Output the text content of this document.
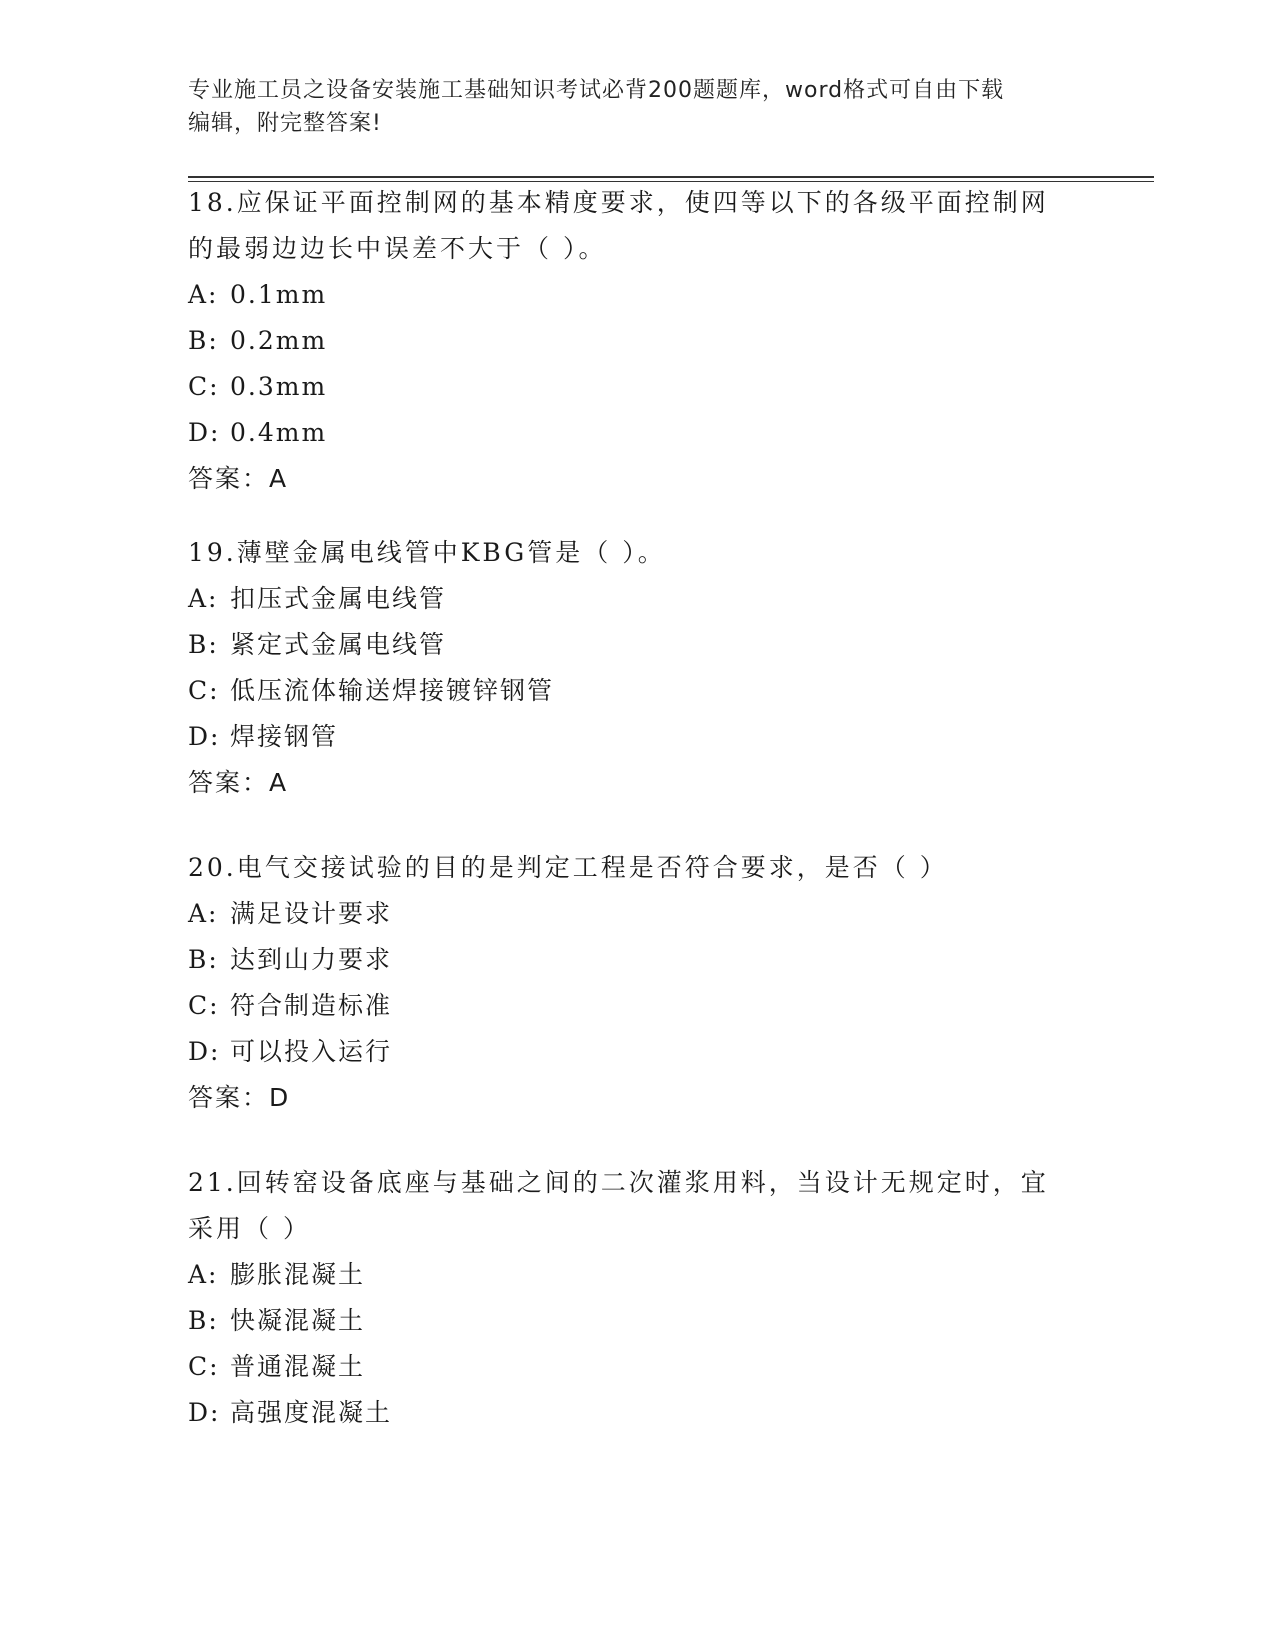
专业施工员之设备安装施工基础知识考试必背200题题库，word格式可自由下载
编辑，附完整答案!

18.应保证平面控制网的基本精度要求，使四等以下的各级平面控制网

的最弱边边长中误差不大于（ ）。

A: 0.1mm

B: 0.2mm

C: 0.3mm

D: 0.4mm

答案：A

19.薄壁金属电线管中KBG管是（ ）。

A: 扣压式金属电线管

B: 紧定式金属电线管

C: 低压流体输送焊接镀锌钢管

D: 焊接钢管

答案：A

20.电气交接试验的目的是判定工程是否符合要求，是否（ ）

A: 满足设计要求

B: 达到山力要求

C: 符合制造标准

D: 可以投入运行

答案：D

21.回转窑设备底座与基础之间的二次灌浆用料，当设计无规定时，宜

采用（ ）

A: 膨胀混凝土

B: 快凝混凝土

C: 普通混凝土

D: 高强度混凝土
